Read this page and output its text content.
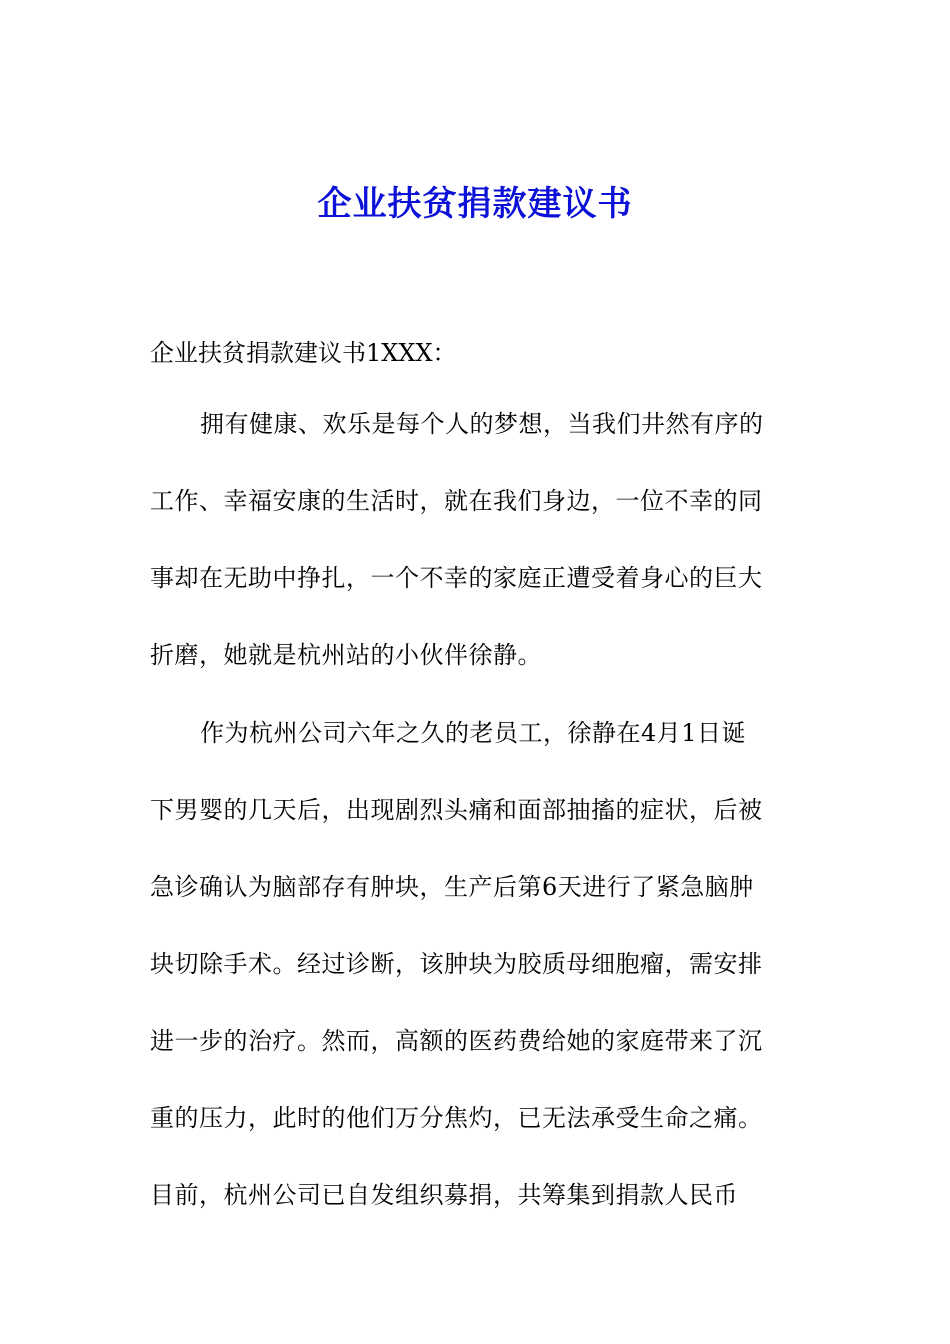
企业扶贫捐款建议书
企业扶贫捐款建议书1XXX：
拥有健康、欢乐是每个人的梦想，当我们井然有序的
工作、幸福安康的生活时，就在我们身边，一位不幸的同
事却在无助中挣扎，一个不幸的家庭正遭受着身心的巨大
折磨，她就是杭州站的小伙伴徐静。
作为杭州公司六年之久的老员工，徐静在4月1日诞
下男婴的几天后，出现剧烈头痛和面部抽搐的症状，后被
急诊确认为脑部存有肿块，生产后第6天进行了紧急脑肿
块切除手术。经过诊断，该肿块为胶质母细胞瘤，需安排
进一步的治疗。然而，高额的医药费给她的家庭带来了沉
重的压力，此时的他们万分焦灼，已无法承受生命之痛。
目前，杭州公司已自发组织募捐，共筹集到捐款人民币
